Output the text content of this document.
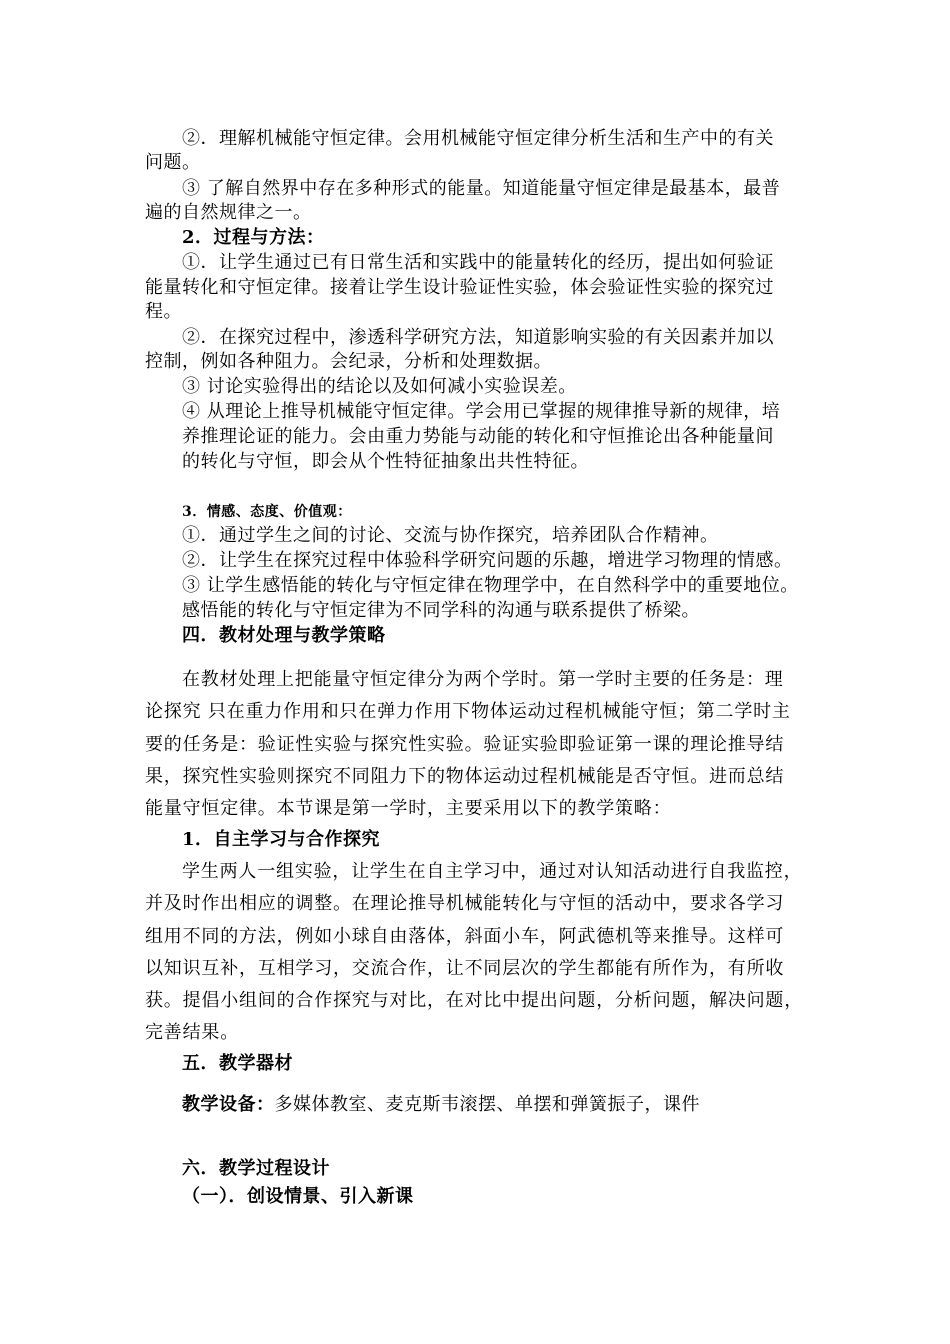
②．理解机械能守恒定律。会用机械能守恒定律分析生活和生产中的有关
问题。
③ 了解自然界中存在多种形式的能量。知道能量守恒定律是最基本，最普
遍的自然规律之一。
2．过程与方法：
①．让学生通过已有日常生活和实践中的能量转化的经历，提出如何验证
能量转化和守恒定律。接着让学生设计验证性实验，体会验证性实验的探究过
程。
②．在探究过程中，渗透科学研究方法，知道影响实验的有关因素并加以
控制，例如各种阻力。会纪录，分析和处理数据。
③ 讨论实验得出的结论以及如何减小实验误差。
④ 从理论上推导机械能守恒定律。学会用已掌握的规律推导新的规律，培
养推理论证的能力。会由重力势能与动能的转化和守恒推论出各种能量间
的转化与守恒，即会从个性特征抽象出共性特征。
3．情感、态度、价值观：
①．通过学生之间的讨论、交流与协作探究，培养团队合作精神。
②．让学生在探究过程中体验科学研究问题的乐趣，增进学习物理的情感。
③ 让学生感悟能的转化与守恒定律在物理学中，在自然科学中的重要地位。
感悟能的转化与守恒定律为不同学科的沟通与联系提供了桥梁。
四．教材处理与教学策略
在教材处理上把能量守恒定律分为两个学时。第一学时主要的任务是：理
论探究 只在重力作用和只在弹力作用下物体运动过程机械能守恒；第二学时主
要的任务是：验证性实验与探究性实验。验证实验即验证第一课的理论推导结
果，探究性实验则探究不同阻力下的物体运动过程机械能是否守恒。进而总结
能量守恒定律。本节课是第一学时，主要采用以下的教学策略：
1．自主学习与合作探究
学生两人一组实验，让学生在自主学习中，通过对认知活动进行自我监控，
并及时作出相应的调整。在理论推导机械能转化与守恒的活动中，要求各学习
组用不同的方法，例如小球自由落体，斜面小车，阿武德机等来推导。这样可
以知识互补，互相学习，交流合作，让不同层次的学生都能有所作为，有所收
获。提倡小组间的合作探究与对比，在对比中提出问题，分析问题，解决问题，
完善结果。
五．教学器材
教学设备：多媒体教室、麦克斯韦滚摆、单摆和弹簧振子，课件
六．教学过程设计
（一）．创设情景、引入新课
